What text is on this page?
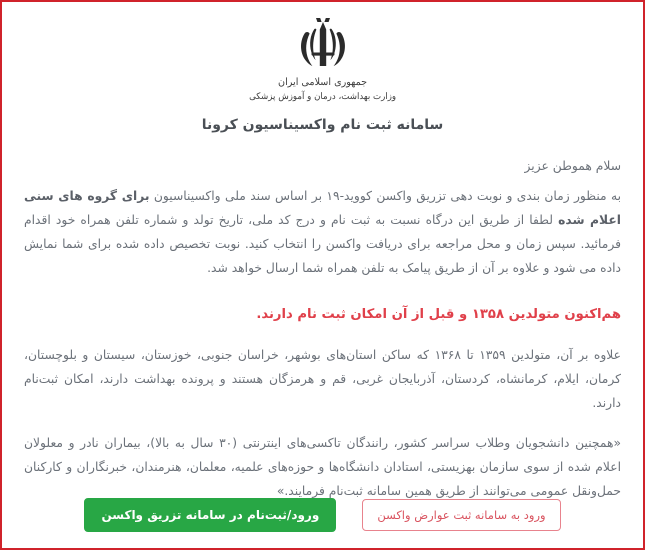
جمهوری اسلامی ایران
وزارت بهداشت، درمان و آموزش پزشکی
سامانه ثبت نام واکسیناسیون کرونا

سلام هموطن عزیز

به منظور زمان بندی و نوبت دهی تزریق واکسن کووید-۱۹ بر اساس سند ملی واکسیناسیون برای گروه های سنی اعلام شده لطفا از طریق این درگاه نسبت به ثبت نام و درج کد ملی، تاریخ تولد و شماره تلفن همراه خود اقدام فرمائید. سپس زمان و محل مراجعه برای دریافت واکسن را انتخاب کنید. نوبت تخصیص داده شده برای شما نمایش داده می شود و علاوه بر آن از طریق پیامک به تلفن همراه شما ارسال خواهد شد.

هم‌اکنون متولدین ۱۳۵۸ و قبل از آن امکان ثبت نام دارند.

علاوه بر آن، متولدین ۱۳۵۹ تا ۱۳۶۸ که ساکن استان‌های بوشهر، خراسان جنوبی، خوزستان، سیستان و بلوچستان، کرمان، ایلام، کرمانشاه، کردستان، آذربایجان غربی، قم و هرمزگان هستند و پرونده بهداشت دارند، امکان ثبت‌نام دارند.

«همچنین دانشجویان وطلاب سراسر کشور، رانندگان تاکسی‌های اینترنتی (۳۰ سال به بالا)، بیماران نادر و معلولان اعلام شده از سوی سازمان بهزیستی، استادان دانشگاه‌ها و حوزه‌های علمیه، معلمان، هنرمندان، خبرنگاران و کارکنان حمل‌ونقل عمومی می‌توانند از طریق همین سامانه ثبت‌نام فرمایند.»

ورود به سامانه ثبت عوارض واکسن
ورود/ثبت‌نام در سامانه تزریق واکسن
